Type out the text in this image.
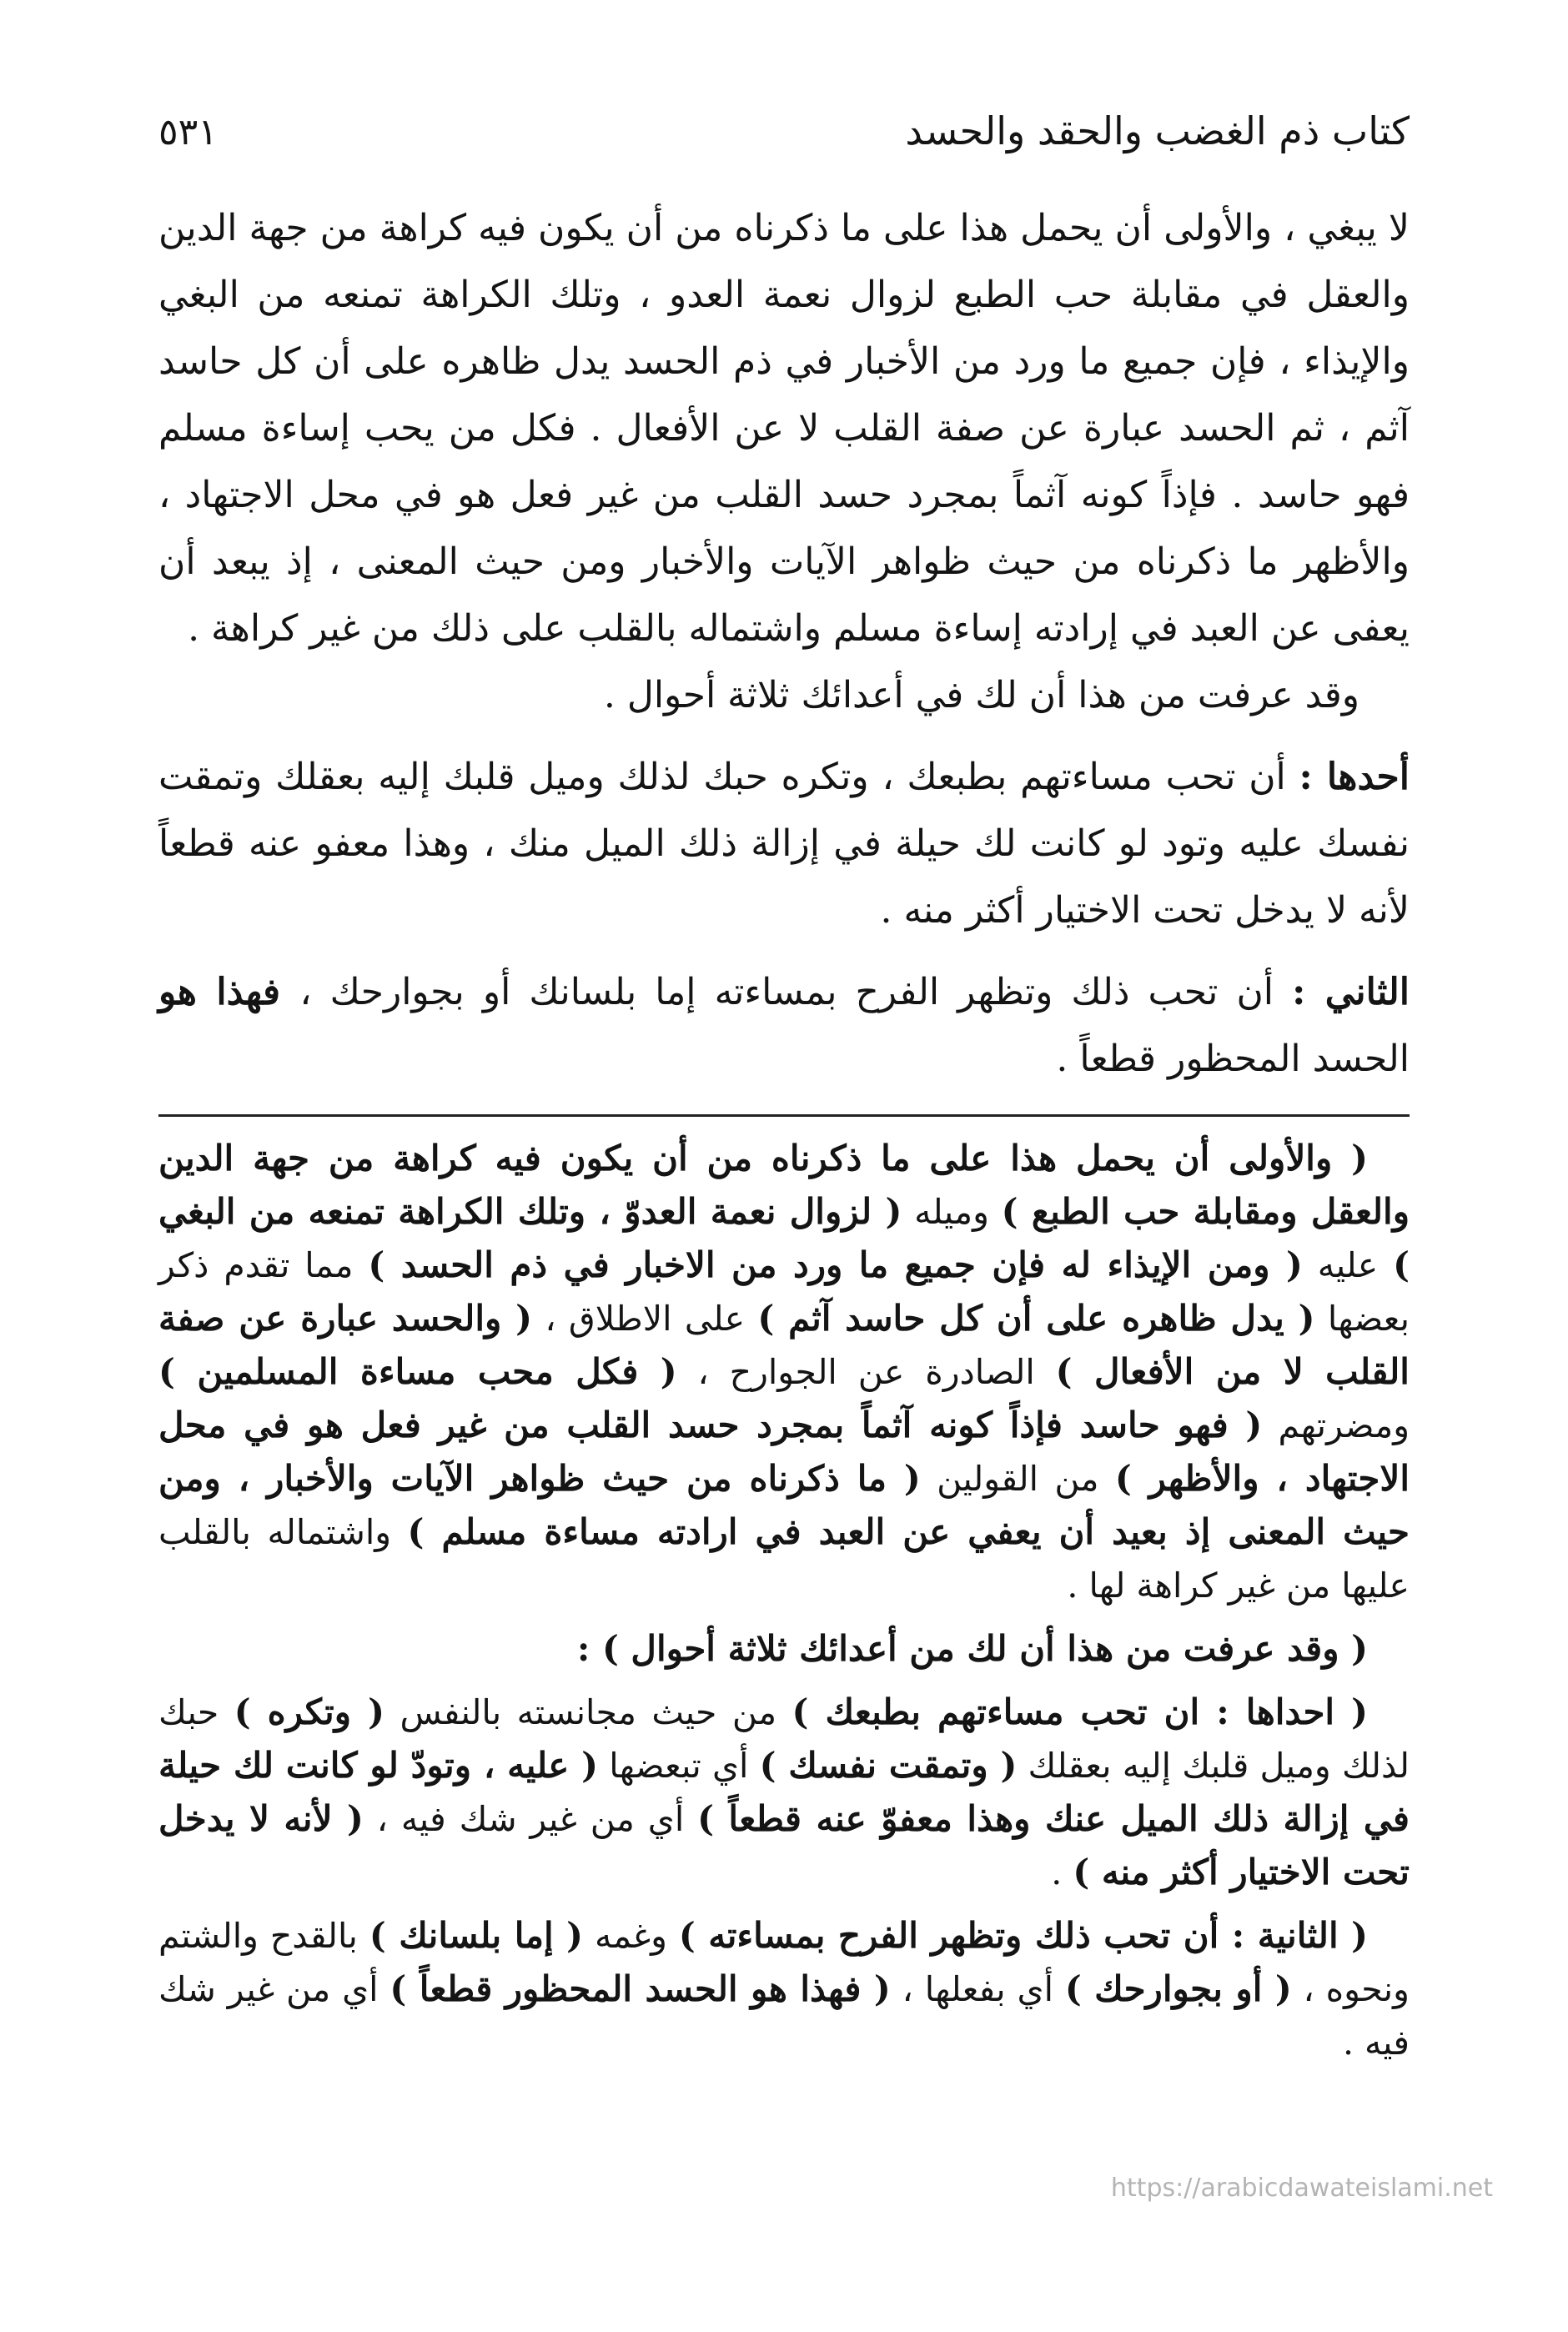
كتاب ذم الغضب والحقد والحسد
٥٣١

لا يبغي ، والأولى أن يحمل هذا على ما ذكرناه من أن يكون فيه كراهة من جهة الدين والعقل في مقابلة حب الطبع لزوال نعمة العدو ، وتلك الكراهة تمنعه من البغي والإيذاء ، فإن جميع ما ورد من الأخبار في ذم الحسد يدل ظاهره على أن كل حاسد آثم ، ثم الحسد عبارة عن صفة القلب لا عن الأفعال . فكل من يحب إساءة مسلم فهو حاسد . فإذاً كونه آثماً بمجرد حسد القلب من غير فعل هو في محل الاجتهاد ، والأظهر ما ذكرناه من حيث ظواهر الآيات والأخبار ومن حيث المعنى ، إذ يبعد أن يعفى عن العبد في إرادته إساءة مسلم واشتماله بالقلب على ذلك من غير كراهة .

وقد عرفت من هذا أن لك في أعدائك ثلاثة أحوال .

أحدها : أن تحب مساءتهم بطبعك ، وتكره حبك لذلك وميل قلبك إليه بعقلك وتمقت نفسك عليه وتود لو كانت لك حيلة في إزالة ذلك الميل منك ، وهذا معفو عنه قطعاً لأنه لا يدخل تحت الاختيار أكثر منه .

الثاني : أن تحب ذلك وتظهر الفرح بمساءته إما بلسانك أو بجوارحك ، فهذا هو الحسد المحظور قطعاً .

( والأولى أن يحمل هذا على ما ذكرناه من أن يكون فيه كراهة من جهة الدين والعقل ومقابلة حب الطبع ) وميله ( لزوال نعمة العدوّ ، وتلك الكراهة تمنعه من البغي ) عليه ( ومن الإيذاء له فإن جميع ما ورد من الاخبار في ذم الحسد ) مما تقدم ذكر بعضها ( يدل ظاهره على أن كل حاسد آثم ) على الاطلاق ، ( والحسد عبارة عن صفة القلب لا من الأفعال ) الصادرة عن الجوارح ، ( فكل محب مساءة المسلمين ) ومضرتهم ( فهو حاسد فإذاً كونه آثماً بمجرد حسد القلب من غير فعل هو في محل الاجتهاد ، والأظهر ) من القولين ( ما ذكرناه من حيث ظواهر الآيات والأخبار ، ومن حيث المعنى إذ بعيد أن يعفي عن العبد في ارادته مساءة مسلم ) واشتماله بالقلب عليها من غير كراهة لها .

( وقد عرفت من هذا أن لك من أعدائك ثلاثة أحوال ) :

( احداها : ان تحب مساءتهم بطبعك ) من حيث مجانسته بالنفس ( وتكره ) حبك لذلك وميل قلبك إليه بعقلك ( وتمقت نفسك ) أي تبعضها ( عليه ، وتودّ لو كانت لك حيلة في إزالة ذلك الميل عنك وهذا معفوّ عنه قطعاً ) أي من غير شك فيه ، ( لأنه لا يدخل تحت الاختيار أكثر منه ) .

( الثانية : أن تحب ذلك وتظهر الفرح بمساءته ) وغمه ( إما بلسانك ) بالقدح والشتم ونحوه ، ( أو بجوارحك ) أي بفعلها ، ( فهذا هو الحسد المحظور قطعاً ) أي من غير شك فيه .

https://arabicdawateislami.net
